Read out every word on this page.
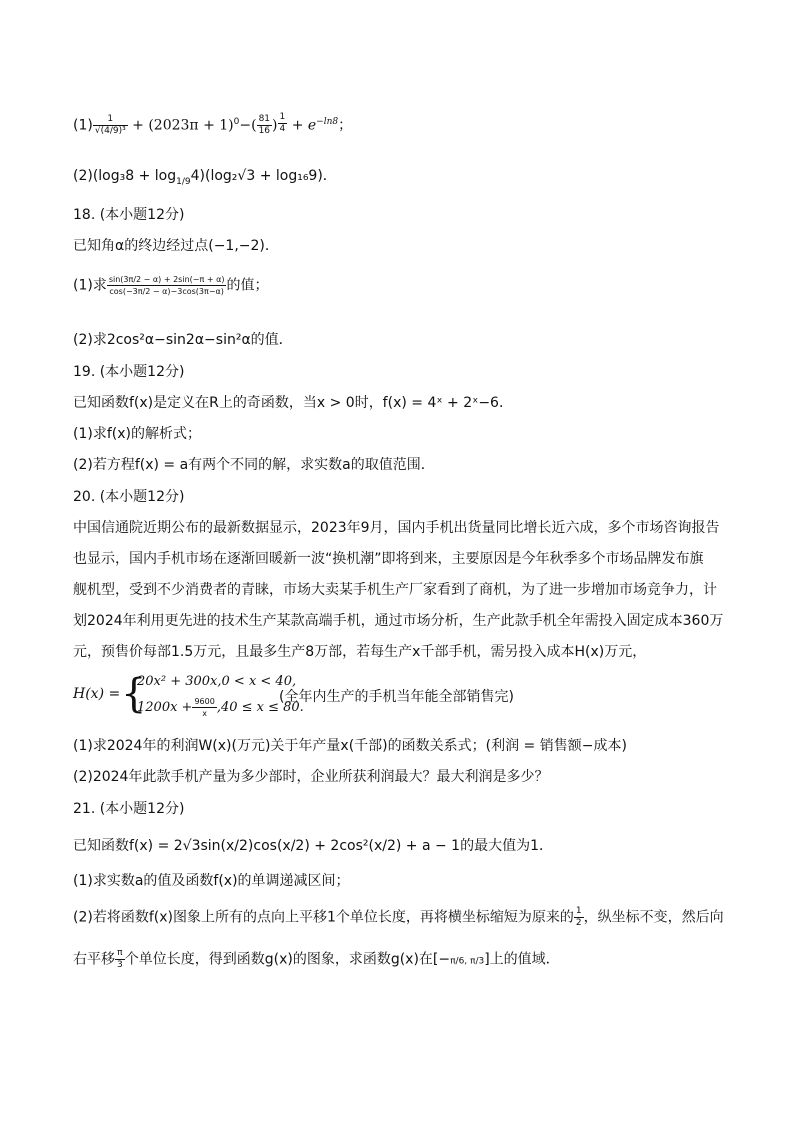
$(1) \frac{1}{\text{√(4/9)³}} + (2023\pi + 1)^0-( \frac{81}{16}$ ) $^{\frac{1}{4}} + e^{-ln8}$；
$(2)(\log_38 + \log_{1/9}4)(\log_2√3 + \log_{16}9)$．
18. (本小题12分)
已知角α的终边经过点(−1,−2)．
(1)求 $\frac{\sin(3\pi/2 - \alpha) + 2\sin(-\pi + \alpha)}{\cos(-3\pi/2 - \alpha)-3\cos(3\pi-\alpha)}$ 的值；
(2)求2cos²α−sin2α−sin²α的值．
19. (本小题12分)
已知函数f(x)是定义在R上的奇函数，当x > 0时，f(x) = 4ˣ + 2ˣ−6．
(1)求f(x)的解析式；
(2)若方程f(x) = a有两个不同的解，求实数a的取值范围．
20. (本小题12分)
中国信通院近期公布的最新数据显示，2023年9月，国内手机出货量同比增长近六成，多个市场咨询报告
也显示，国内手机市场在逐渐回暖新一波“换机潮”即将到来，主要原因是今年秋季多个市场品牌发布旗
舰机型，受到不少消费者的青睐，市场大卖某手机生产厂家看到了商机，为了进一步增加市场竞争力，计
划2024年利用更先进的技术生产某款高端手机，通过市场分析，生产此款手机全年需投入固定成本360万
元，预售价每部1.5万元，且最多生产8万部，若每生产x千部手机，需另投入成本H(x)万元，
H(x) = {
20x² + 300x,0 < x < 40,
$1200x + \frac{9600}{x} ,40 \le x \le 80$.
(全年内生产的手机当年能全部销售完)
(1)求2024年的利润W(x)(万元)关于年产量x(千部)的函数关系式；(利润 = 销售额−成本)
(2)2024年此款手机产量为多少部时，企业所获利润最大？最大利润是多少？
21. (本小题12分)
已知函数f(x) = 2√3sin(x/2)cos(x/2) + 2cos²(x/2) + a − 1的最大值为1．
(1)求实数a的值及函数f(x)的单调递减区间；
(2)若将函数f(x)图象上所有的点向上平移1个单位长度，再将横坐标缩短为原来的 $\frac{1}{2}$ ，纵坐标不变，然后向
右平移 $\frac{\pi}{3}$ 个单位长度，得到函数g(x)的图象，求函数g(x)在[−π/6, π/3]上的值域．
